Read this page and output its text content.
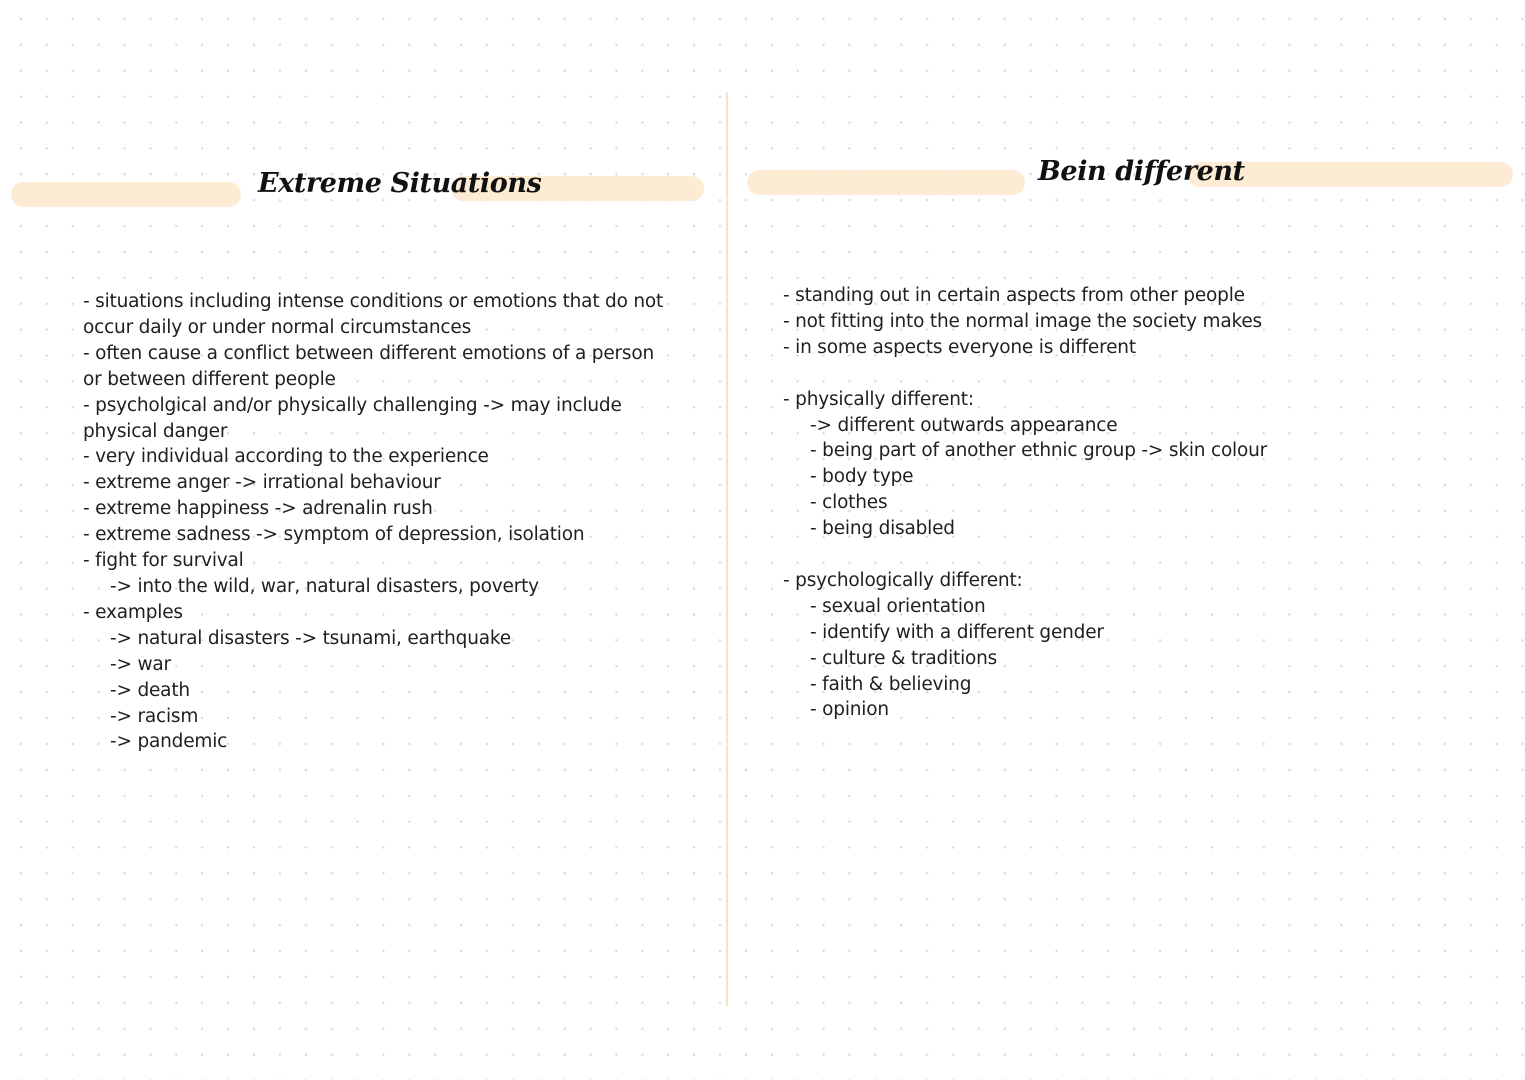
Extreme Situations
- situations including intense conditions or emotions that do not
occur daily or under normal circumstances
- often cause a conflict between different emotions of a person
or between different people
- psycholgical and/or physically challenging -> may include
physical danger
- very individual according to the experience
- extreme anger -> irrational behaviour
- extreme happiness -> adrenalin rush
- extreme sadness -> symptom of depression, isolation
- fight for survival
-> into the wild, war, natural disasters, poverty
- examples
-> natural disasters -> tsunami, earthquake
-> war
-> death
-> racism
-> pandemic
Bein different
- standing out in certain aspects from other people
- not fitting into the normal image the society makes
- in some aspects everyone is different
- physically different:
-> different outwards appearance
- being part of another ethnic group -> skin colour
- body type
- clothes
- being disabled
- psychologically different:
- sexual orientation
- identify with a different gender
- culture & traditions
- faith & believing
- opinion
